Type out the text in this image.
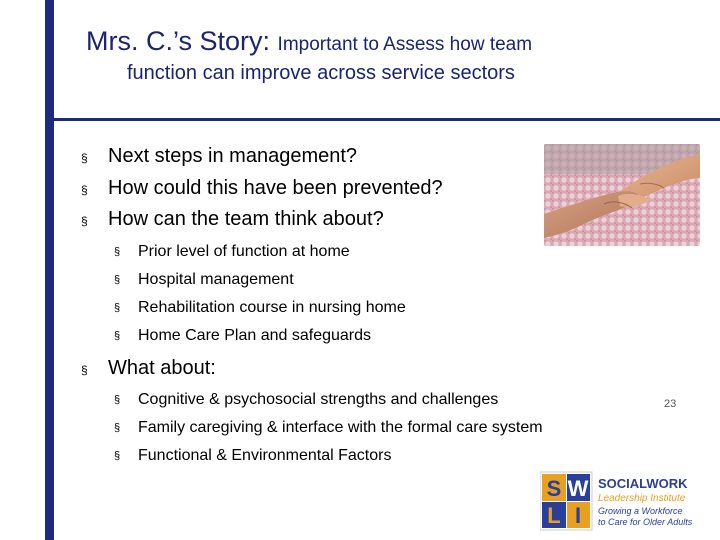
Mrs. C.’s Story: Important to Assess how team
function can improve across service sectors
§ Next steps in management?
§ How could this have been prevented?
§ How can the team think about?
§ Prior level of function at home
§ Hospital management
§ Rehabilitation course in nursing home
§ Home Care Plan and safeguards
§ What about:
§ Cognitive & psychosocial strengths and challenges
§ Family caregiving & interface with the formal care system
§ Functional & Environmental Factors
23
S W
L I
SOCIALWORK
Leadership Institute
Growing a Workforce
to Care for Older Adults
